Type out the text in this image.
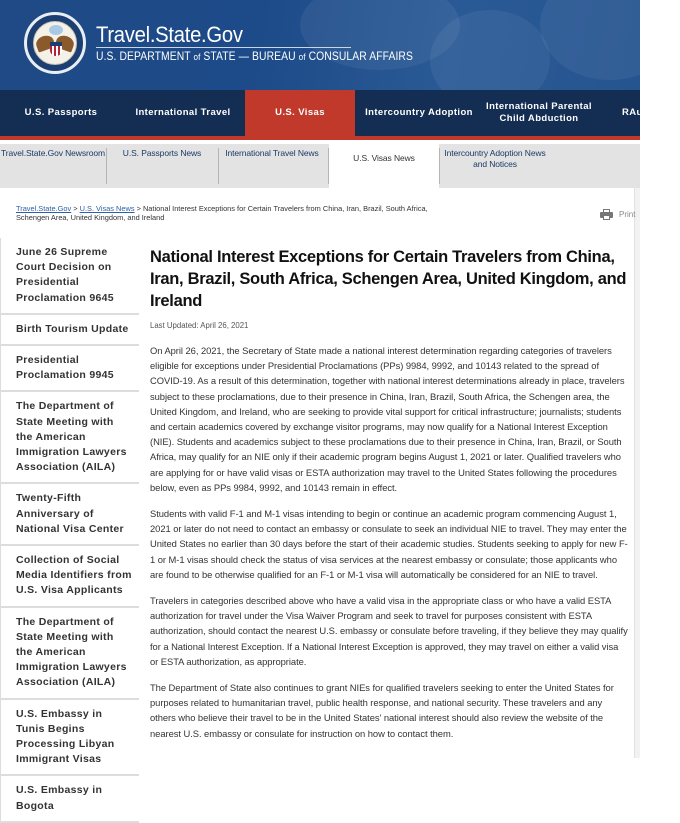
Travel.State.Gov
U.S. DEPARTMENT of STATE — BUREAU of CONSULAR AFFAIRS
U.S. Passports	International Travel	U.S. Visas	Intercountry Adoption
International Parental Child Abduction
R Aut
Travel.State.Gov Newsroom	U.S. Passports News	International Travel News	U.S. Visas News	Intercountry Adoption News and Notices
Travel.State.Gov > U.S. Visas News > National Interest Exceptions for Certain Travelers from China, Iran, Brazil, South Africa, Schengen Area, United Kingdom, and Ireland	Print
June 26 Supreme Court Decision on Presidential Proclamation 9645
Birth Tourism Update
Presidential Proclamation 9945
The Department of State Meeting with the American Immigration Lawyers Association (AILA)
Twenty-Fifth Anniversary of National Visa Center
Collection of Social Media Identifiers from U.S. Visa Applicants
The Department of State Meeting with the American Immigration Lawyers Association (AILA)
U.S. Embassy in Tunis Begins Processing Libyan Immigrant Visas
U.S. Embassy in Bogota
National Interest Exceptions for Certain Travelers from China, Iran, Brazil, South Africa, Schengen Area, United Kingdom, and Ireland
Last Updated: April 26, 2021

On April 26, 2021, the Secretary of State made a national interest determination regarding categories of travelers eligible for exceptions under Presidential Proclamations (PPs) 9984, 9992, and 10143 related to the spread of COVID-19. As a result of this determination, together with national interest determinations already in place, travelers subject to these proclamations, due to their presence in China, Iran, Brazil, South Africa, the Schengen area, the United Kingdom, and Ireland, who are seeking to provide vital support for critical infrastructure; journalists; students and certain academics covered by exchange visitor programs, may now qualify for a National Interest Exception (NIE). Students and academics subject to these proclamations due to their presence in China, Iran, Brazil, or South Africa, may qualify for an NIE only if their academic program begins August 1, 2021 or later. Qualified travelers who are applying for or have valid visas or ESTA authorization may travel to the United States following the procedures below, even as PPs 9984, 9992, and 10143 remain in effect.

Students with valid F-1 and M-1 visas intending to begin or continue an academic program commencing August 1, 2021 or later do not need to contact an embassy or consulate to seek an individual NIE to travel. They may enter the United States no earlier than 30 days before the start of their academic studies. Students seeking to apply for new F-1 or M-1 visas should check the status of visa services at the nearest embassy or consulate; those applicants who are found to be otherwise qualified for an F-1 or M-1 visa will automatically be considered for an NIE to travel.

Travelers in categories described above who have a valid visa in the appropriate class or who have a valid ESTA authorization for travel under the Visa Waiver Program and seek to travel for purposes consistent with ESTA authorization, should contact the nearest U.S. embassy or consulate before traveling, if they believe they may qualify for a National Interest Exception. If a National Interest Exception is approved, they may travel on either a valid visa or ESTA authorization, as appropriate.

The Department of State also continues to grant NIEs for qualified travelers seeking to enter the United States for purposes related to humanitarian travel, public health response, and national security. These travelers and any others who believe their travel to be in the United States' national interest should also review the website of the nearest U.S. embassy or consulate for instruction on how to contact them.
